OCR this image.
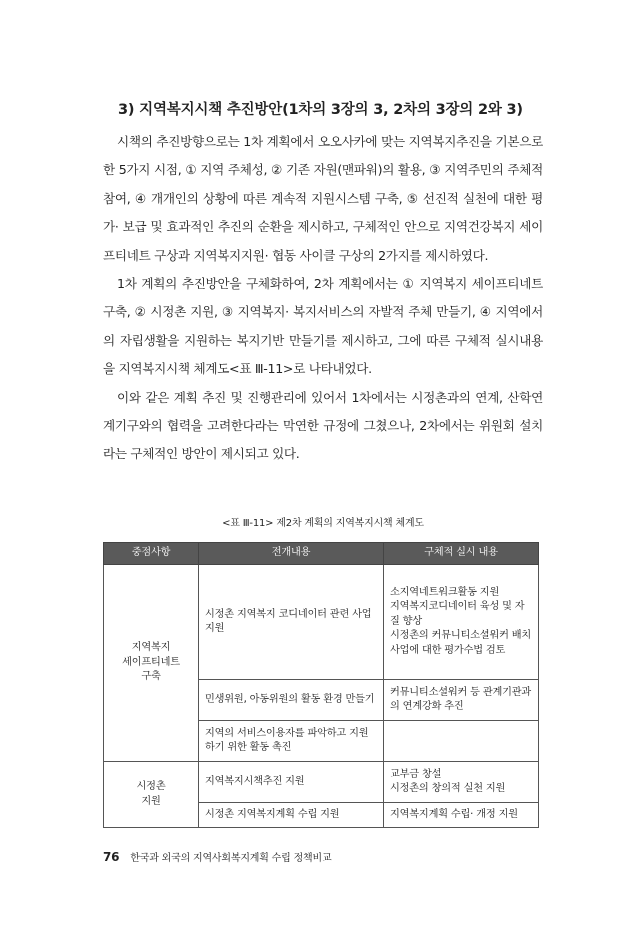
3) 지역복지시책 추진방안(1차의 3장의 3, 2차의 3장의 2와 3)

시책의 추진방향으로는 1차 계획에서 오오사카에 맞는 지역복지추진을 기본으로 한 5가지 시점, ① 지역 주체성, ② 기존 자원(맨파워)의 활용, ③ 지역주민의 주체적 참여, ④ 개개인의 상황에 따른 계속적 지원시스템 구축, ⑤ 선진적 실천에 대한 평가· 보급 및 효과적인 추진의 순환을 제시하고, 구체적인 안으로 지역건강복지 세이프티네트 구상과 지역복지지원· 협동 사이클 구상의 2가지를 제시하였다.

1차 계획의 추진방안을 구체화하여, 2차 계획에서는 ① 지역복지 세이프티네트 구축, ② 시정촌 지원, ③ 지역복지· 복지서비스의 자발적 주체 만들기, ④ 지역에서의 자립생활을 지원하는 복지기반 만들기를 제시하고, 그에 따른 구체적 실시내용을 지역복지시책 체계도<표 Ⅲ-11>로 나타내었다.

이와 같은 계획 추진 및 진행관리에 있어서 1차에서는 시정촌과의 연계, 산학연계기구와의 협력을 고려한다라는 막연한 규정에 그쳤으나, 2차에서는 위원회 설치라는 구체적인 방안이 제시되고 있다.

<표 Ⅲ-11> 제2차 계획의 지역복지시책 체계도
중점사항	전개내용	구체적 실시 내용
지역복지
세이프티네트
구축	시정촌 지역복지 코디네이터 관련 사업 지원	소지역네트워크활동 지원
지역복지코디네이터 육성 및 자질 향상
시정촌의 커뮤니티소셜워커 배치사업에 대한 평가수법 검토
	민생위원, 아동위원의 활동 환경 만들기	커뮤니티소셜워커 등 관계기관과의 연계강화 추진
	지역의 서비스이용자를 파악하고 지원하기 위한 활동 촉진	
시정촌
지원	지역복지시책추진 지원	교부금 창설
시정촌의 창의적 실천 지원
	시정촌 지역복지계획 수립 지원	지역복지계획 수립· 개정 지원
76 한국과 외국의 지역사회복지계획 수립 정책비교
